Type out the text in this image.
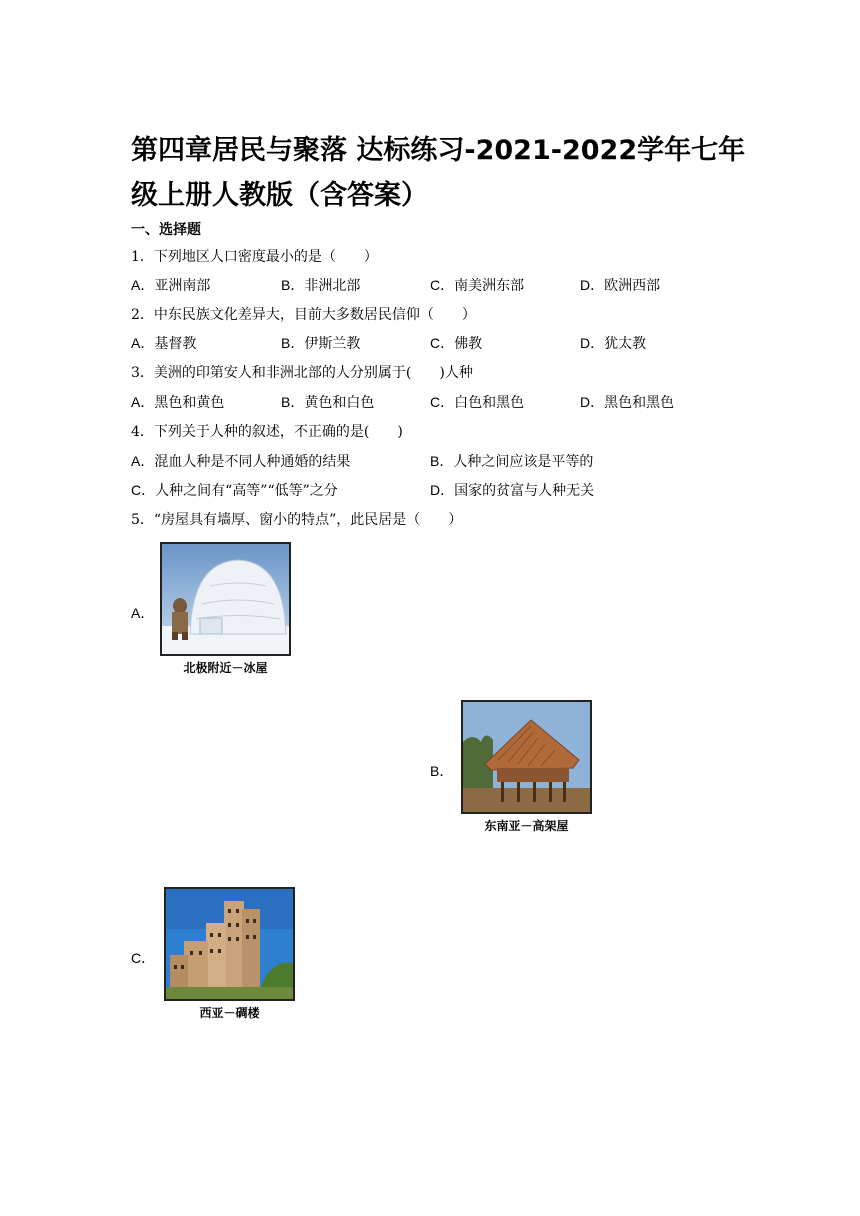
第四章居民与聚落 达标练习-2021-2022学年七年级上册人教版（含答案）
一、选择题
1．下列地区人口密度最小的是（　　）
A．亚洲南部	B．非洲北部	C．南美洲东部	D．欧洲西部
2．中东民族文化差异大，目前大多数居民信仰（　　）
A．基督教	B．伊斯兰教	C．佛教	D．犹太教
3．美洲的印第安人和非洲北部的人分别属于(　　)人种
A．黑色和黄色	B．黄色和白色	C．白色和黑色	D．黑色和黑色
4．下列关于人种的叙述，不正确的是(　　)
A．混血人种是不同人种通婚的结果	B．人种之间应该是平等的
C．人种之间有“高等”“低等”之分	D．国家的贫富与人种无关
5．“房屋具有墙厚、窗小的特点”，此民居是（　　）
A．
北极附近－冰屋
B．
东南亚－高架屋
C．
西亚－碉楼
